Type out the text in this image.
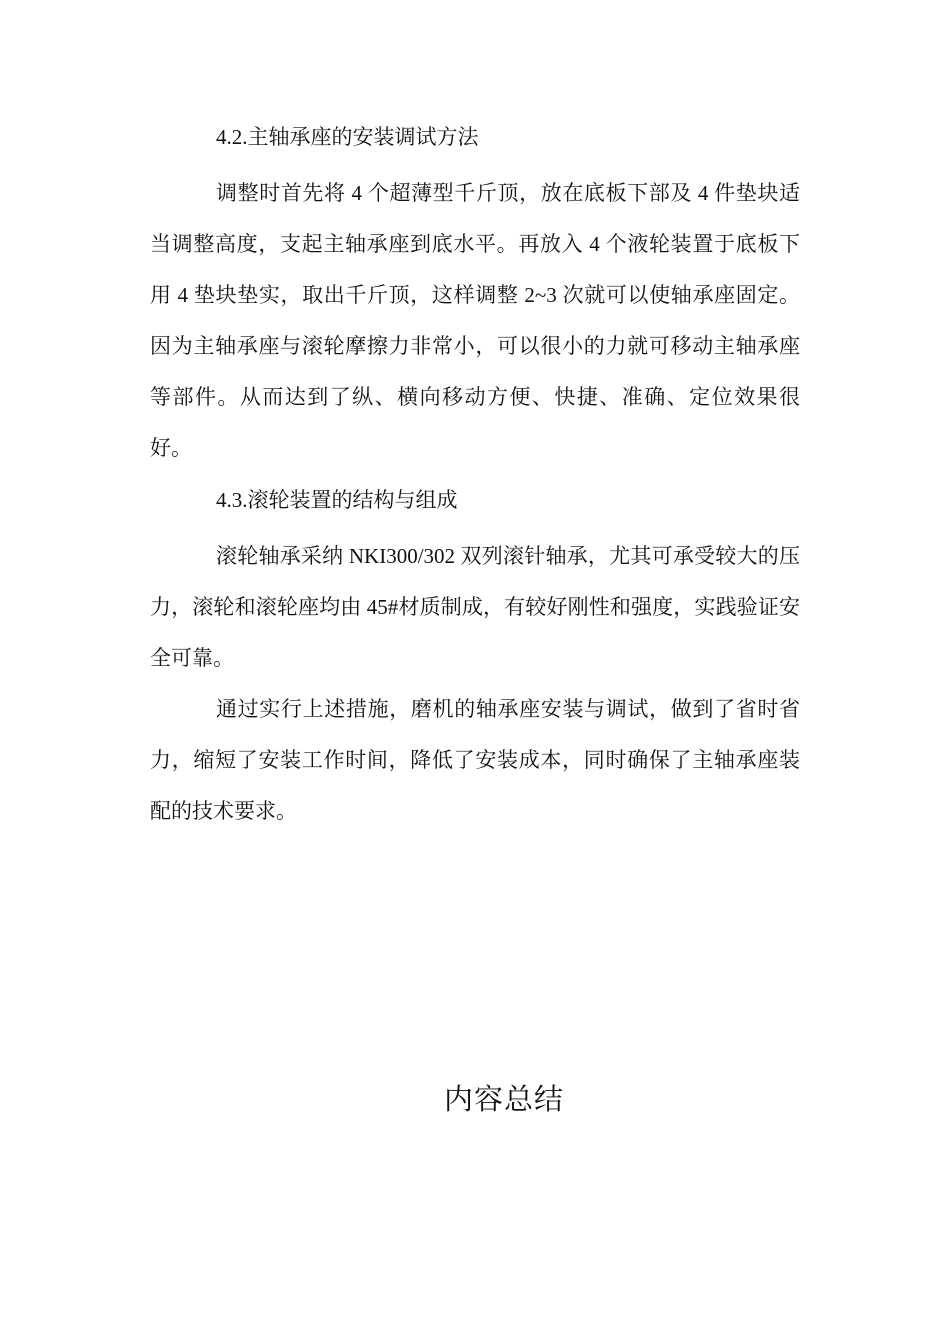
4.2.主轴承座的安装调试方法

调整时首先将 4 个超薄型千斤顶，放在底板下部及 4 件垫块适当调整高度，支起主轴承座到底水平。再放入 4 个液轮装置于底板下用 4 垫块垫实，取出千斤顶，这样调整 2~3 次就可以使轴承座固定。因为主轴承座与滚轮摩擦力非常小，可以很小的力就可移动主轴承座等部件。从而达到了纵、横向移动方便、快捷、准确、定位效果很好。

4.3.滚轮装置的结构与组成

滚轮轴承采纳 NKI300/302 双列滚针轴承，尤其可承受较大的压力，滚轮和滚轮座均由 45#材质制成，有较好刚性和强度，实践验证安全可靠。

通过实行上述措施，磨机的轴承座安装与调试，做到了省时省力，缩短了安装工作时间，降低了安装成本，同时确保了主轴承座装配的技术要求。

内容总结
